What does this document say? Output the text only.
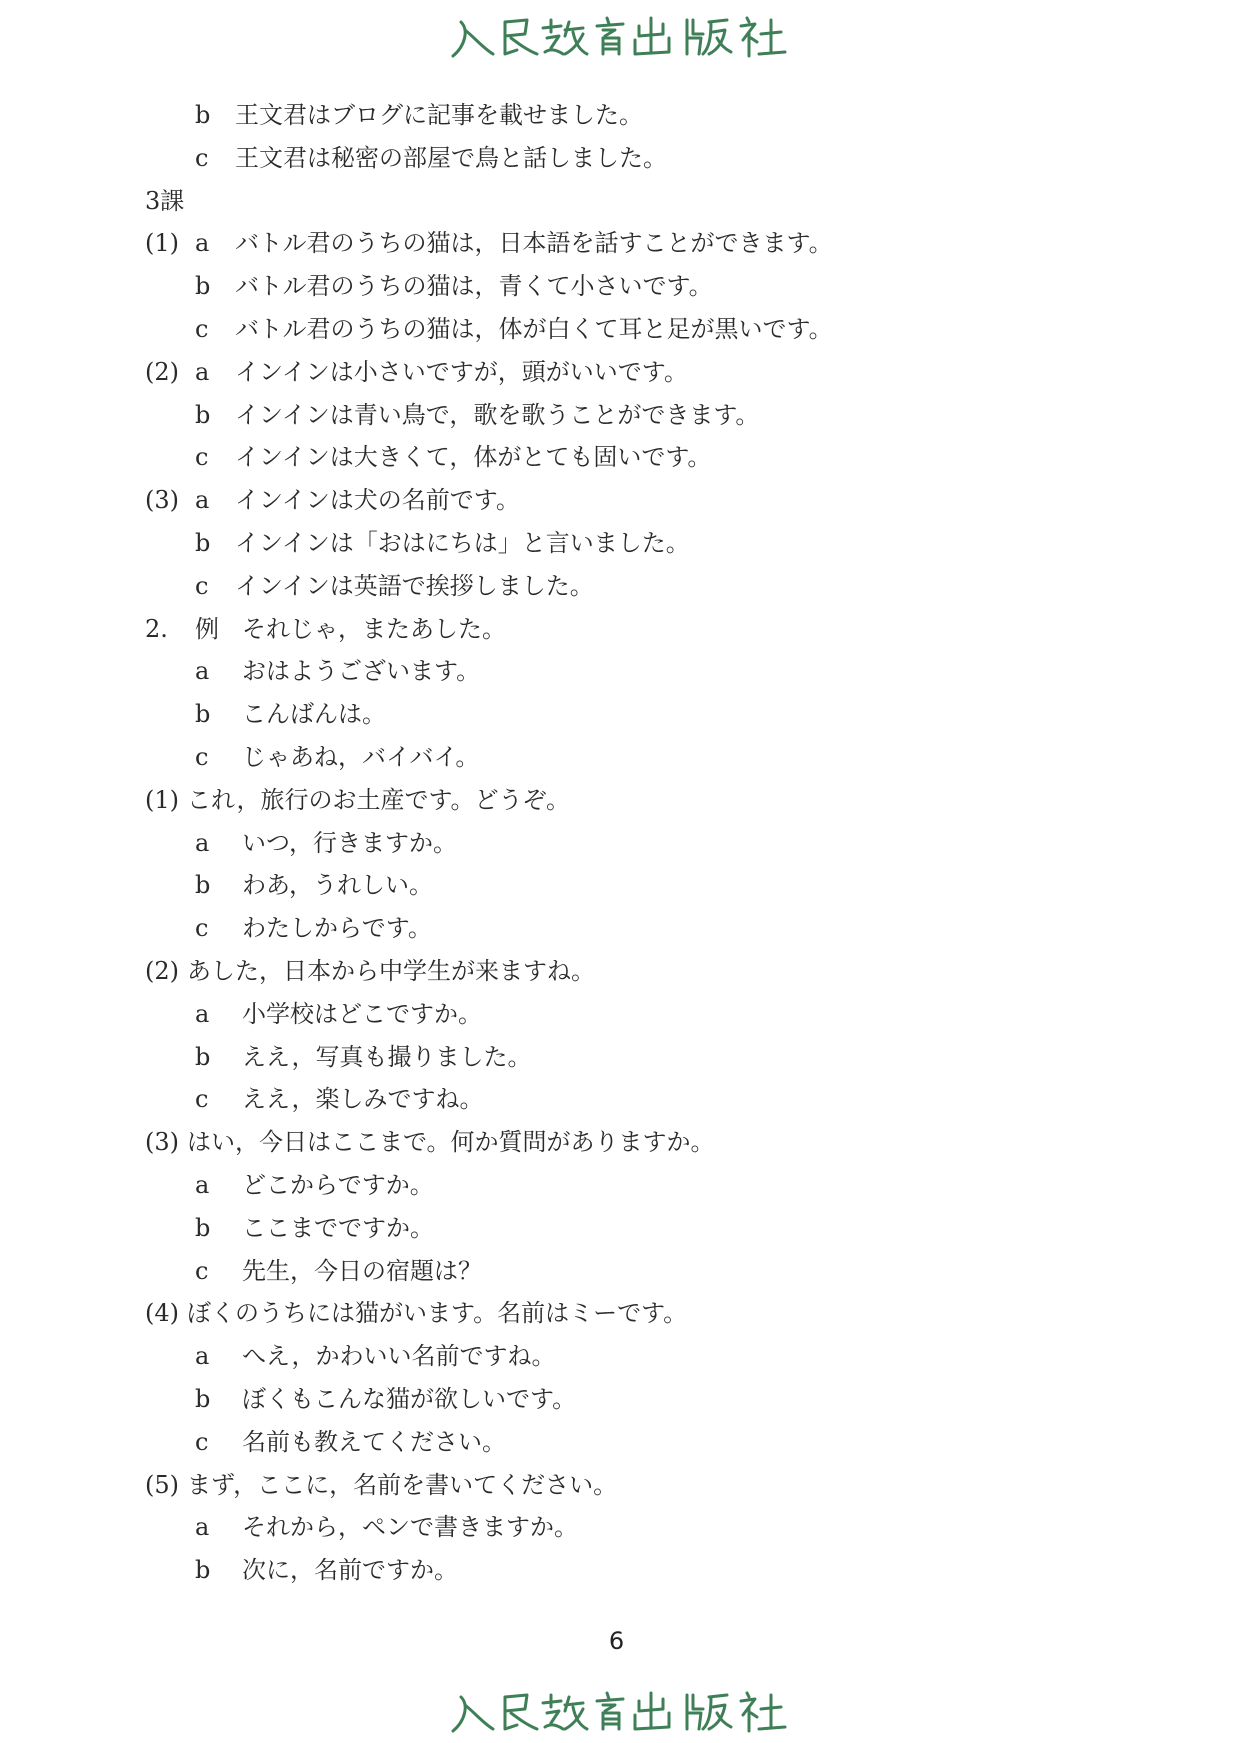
b 王文君はブログに記事を載せました。
c 王文君は秘密の部屋で鳥と話しました。
3課
(1) a バトル君のうちの猫は，日本語を話すことができます。
b バトル君のうちの猫は，青くて小さいです。
c バトル君のうちの猫は，体が白くて耳と足が黒いです。
(2) a インインは小さいですが，頭がいいです。
b インインは青い鳥で，歌を歌うことができます。
c インインは大きくて，体がとても固いです。
(3) a インインは犬の名前です。
b インインは「おはにちは」と言いました。
c インインは英語で挨拶しました。
2. 例 それじゃ，またあした。
a おはようございます。
b こんばんは。
c じゃあね，バイバイ。
(1) これ，旅行のお土産です。どうぞ。
a いつ，行きますか。
b わあ，うれしい。
c わたしからです。
(2) あした，日本から中学生が来ますね。
a 小学校はどこですか。
b ええ，写真も撮りました。
c ええ，楽しみですね。
(3) はい，今日はここまで。何か質問がありますか。
a どこからですか。
b ここまでですか。
c 先生，今日の宿題は？
(4) ぼくのうちには猫がいます。名前はミーです。
a へえ，かわいい名前ですね。
b ぼくもこんな猫が欲しいです。
c 名前も教えてください。
(5) まず，ここに，名前を書いてください。
a それから，ペンで書きますか。
b 次に，名前ですか。
6
